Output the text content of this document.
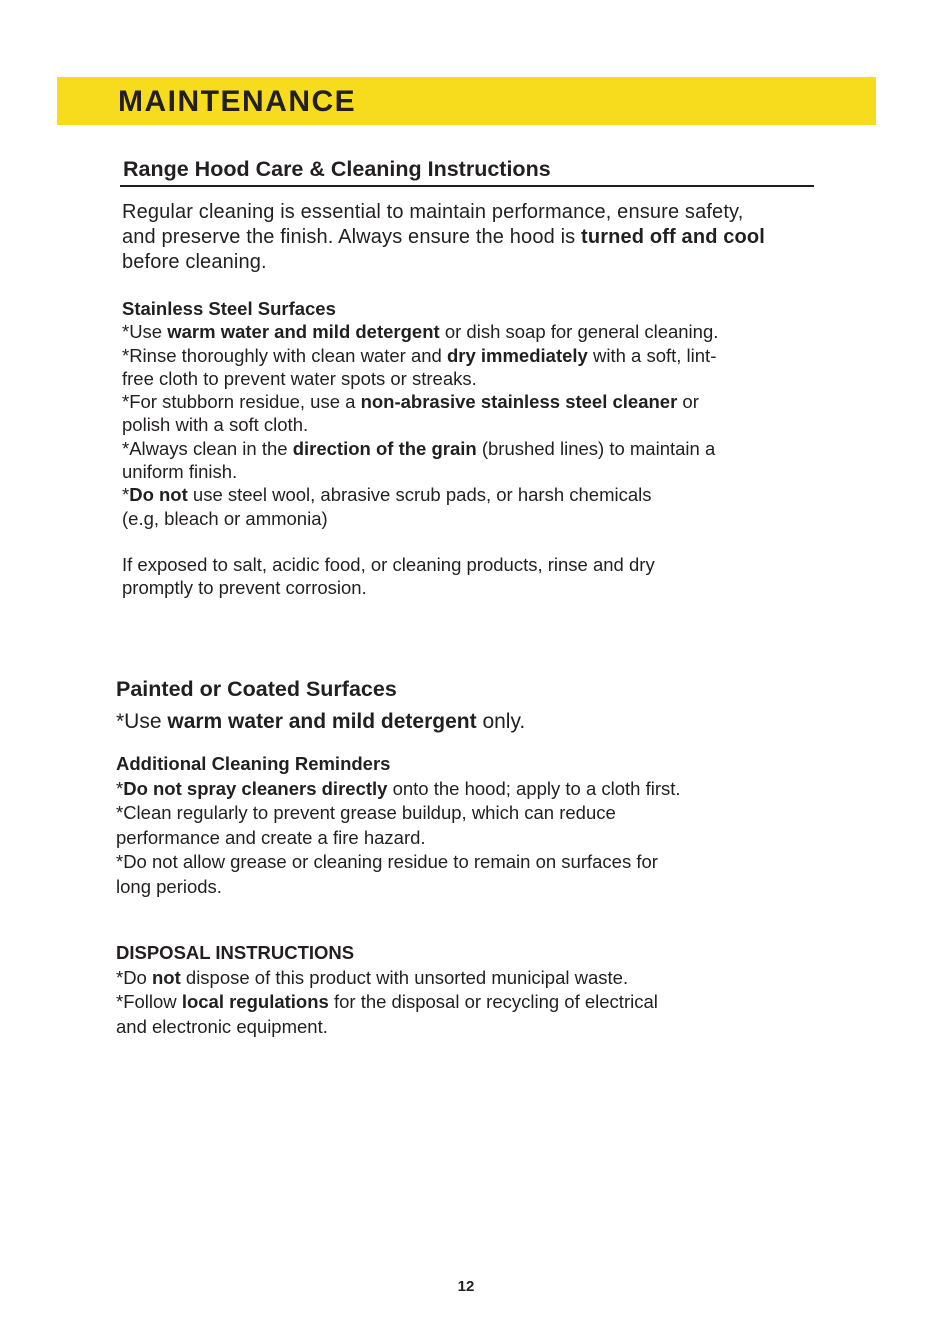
MAINTENANCE
Range Hood Care & Cleaning Instructions
Regular cleaning is essential to maintain performance, ensure safety,
and preserve the finish. Always ensure the hood is turned off and cool
before cleaning.
Stainless Steel Surfaces
*Use warm water and mild detergent or dish soap for general cleaning.
*Rinse thoroughly with clean water and dry immediately with a soft, lint-
free cloth to prevent water spots or streaks.
*For stubborn residue, use a non-abrasive stainless steel cleaner or
polish with a soft cloth.
*Always clean in the direction of the grain (brushed lines) to maintain a
uniform finish.
*Do not use steel wool, abrasive scrub pads, or harsh chemicals
(e.g, bleach or ammonia)
If exposed to salt, acidic food, or cleaning products, rinse and dry
promptly to prevent corrosion.
Painted or Coated Surfaces
*Use warm water and mild detergent only.
Additional Cleaning Reminders
*Do not spray cleaners directly onto the hood; apply to a cloth first.
*Clean regularly to prevent grease buildup, which can reduce
performance and create a fire hazard.
*Do not allow grease or cleaning residue to remain on surfaces for
long periods.
DISPOSAL INSTRUCTIONS
*Do not dispose of this product with unsorted municipal waste.
*Follow local regulations for the disposal or recycling of electrical
and electronic equipment.
12
